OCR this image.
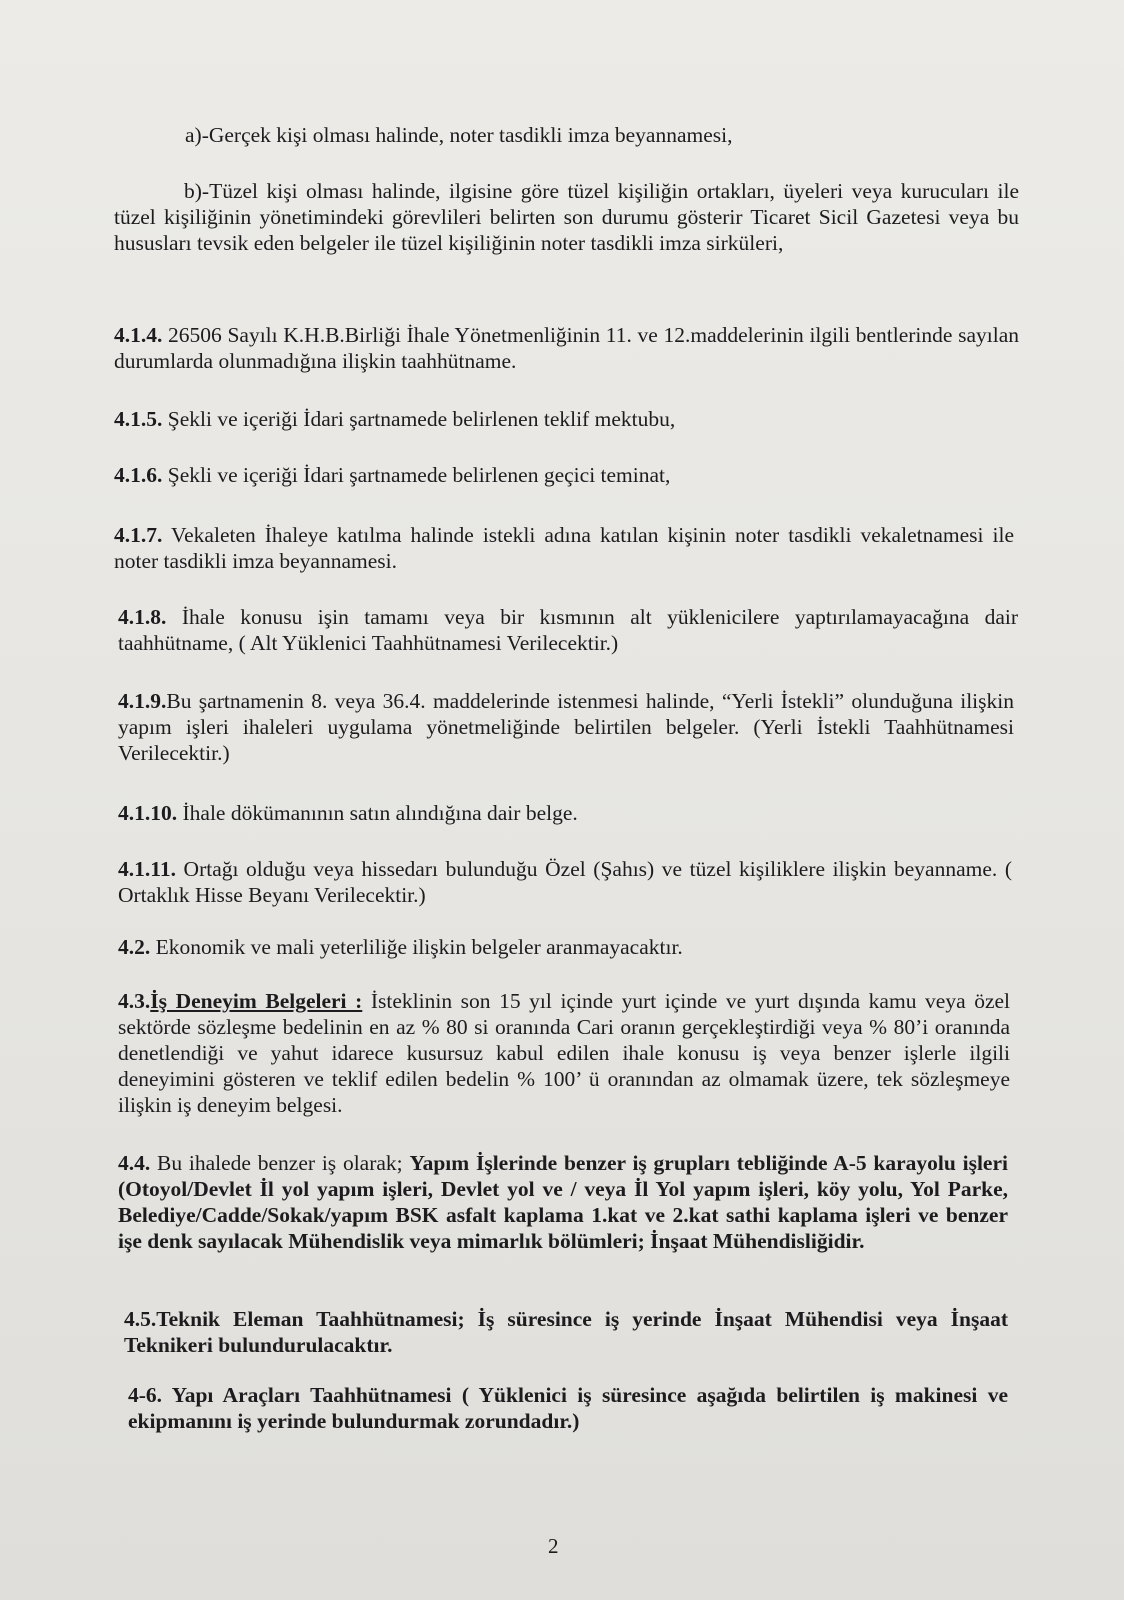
a)-Gerçek kişi olması halinde, noter tasdikli imza beyannamesi,

b)-Tüzel kişi olması halinde, ilgisine göre tüzel kişiliğin ortakları, üyeleri veya kurucuları ile tüzel kişiliğinin yönetimindeki görevlileri belirten son durumu gösterir Ticaret Sicil Gazetesi veya bu hususları tevsik eden belgeler ile tüzel kişiliğinin noter tasdikli imza sirküleri,

4.1.4. 26506 Sayılı K.H.B.Birliği İhale Yönetmenliğinin 11. ve 12.maddelerinin ilgili bentlerinde sayılan durumlarda olunmadığına ilişkin taahhütname.

4.1.5. Şekli ve içeriği İdari şartnamede belirlenen teklif mektubu,

4.1.6. Şekli ve içeriği İdari şartnamede belirlenen geçici teminat,

4.1.7. Vekaleten İhaleye katılma halinde istekli adına katılan kişinin noter tasdikli vekaletnamesi ile noter tasdikli imza beyannamesi.

4.1.8. İhale konusu işin tamamı veya bir kısmının alt yüklenicilere yaptırılamayacağına dair taahhütname, ( Alt Yüklenici Taahhütnamesi Verilecektir.)

4.1.9.Bu şartnamenin 8. veya 36.4. maddelerinde istenmesi halinde, “Yerli İstekli” olunduğuna ilişkin yapım işleri ihaleleri uygulama yönetmeliğinde belirtilen belgeler. (Yerli İstekli Taahhütnamesi Verilecektir.)

4.1.10. İhale dökümanının satın alındığına dair belge.

4.1.11. Ortağı olduğu veya hissedarı bulunduğu Özel (Şahıs) ve tüzel kişiliklere ilişkin beyanname. ( Ortaklık Hisse Beyanı Verilecektir.)

4.2. Ekonomik ve mali yeterliliğe ilişkin belgeler aranmayacaktır.

4.3.İş Deneyim Belgeleri : İsteklinin son 15 yıl içinde yurt içinde ve yurt dışında kamu veya özel sektörde sözleşme bedelinin en az % 80 si oranında Cari oranın gerçekleştirdiği veya % 80’i oranında denetlendiği ve yahut idarece kusursuz kabul edilen ihale konusu iş veya benzer işlerle ilgili deneyimini gösteren ve teklif edilen bedelin % 100’ ü oranından az olmamak üzere, tek sözleşmeye ilişkin iş deneyim belgesi.

4.4. Bu ihalede benzer iş olarak; Yapım İşlerinde benzer iş grupları tebliğinde A-5 karayolu işleri (Otoyol/Devlet İl yol yapım işleri, Devlet yol ve / veya İl Yol yapım işleri, köy yolu, Yol Parke, Belediye/Cadde/Sokak/yapım BSK asfalt kaplama 1.kat ve 2.kat sathi kaplama işleri ve benzer işe denk sayılacak Mühendislik veya mimarlık bölümleri; İnşaat Mühendisliğidir.

4.5.Teknik Eleman Taahhütnamesi; İş süresince iş yerinde İnşaat Mühendisi veya İnşaat Teknikeri bulundurulacaktır.

4-6. Yapı Araçları Taahhütnamesi ( Yüklenici iş süresince aşağıda belirtilen iş makinesi ve ekipmanını iş yerinde bulundurmak zorundadır.)

2
